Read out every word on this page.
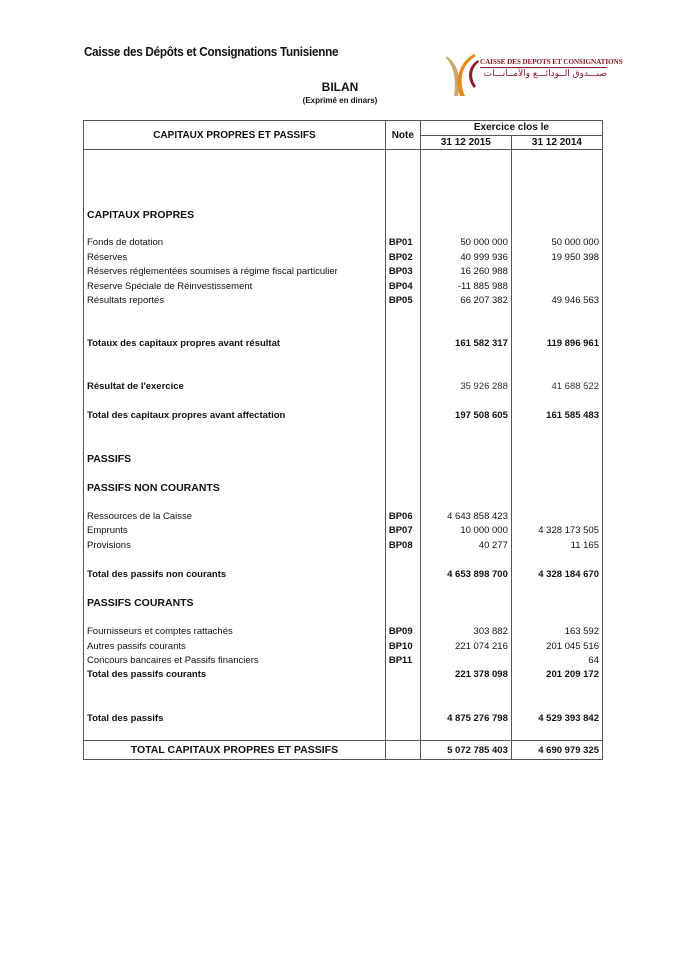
Caisse des Dépôts et Consignations Tunisienne
BILAN
(Exprimé en dinars)
CAISSE DES DEPOTS ET CONSIGNATIONS
صنـــدوق الــودائـــع والأمــانـــات
CAPITAUX PROPRES ET PASSIFS	Note	Exercice clos le	
		31 12 2015	31 12 2014

CAPITAUX PROPRES			

Fonds de dotation	BP01	50 000 000	50 000 000
Réserves	BP02	40 999 936	19 950 398
Réserves réglementées soumises à régime fiscal particulier	BP03	16 260 988	
Reserve Spéciale de Réinvestissement	BP04	-11 885 988	
Résultats reportés	BP05	66 207 382	49 946 563

Totaux des capitaux propres avant résultat		161 582 317	119 896 961

Résultat de l'exercice		35 926 288	41 688 522

Total des capitaux propres avant affectation		197 508 605	161 585 483

PASSIFS			

PASSIFS NON COURANTS			

Ressources de la Caisse	BP06	4 643 858 423	
Emprunts	BP07	10 000 000	4 328 173 505
Provisions	BP08	40 277	11 165

Total des passifs non courants		4 653 898 700	4 328 184 670

PASSIFS COURANTS			

Fournisseurs et comptes rattachés	BP09	303 882	163 592
Autres passifs courants	BP10	221 074 216	201 045 516
Concours bancaires et Passifs financiers	BP11		64
Total des passifs courants		221 378 098	201 209 172

Total des passifs		4 875 276 798	4 529 393 842

TOTAL CAPITAUX PROPRES ET PASSIFS		5 072 785 403	4 690 979 325
